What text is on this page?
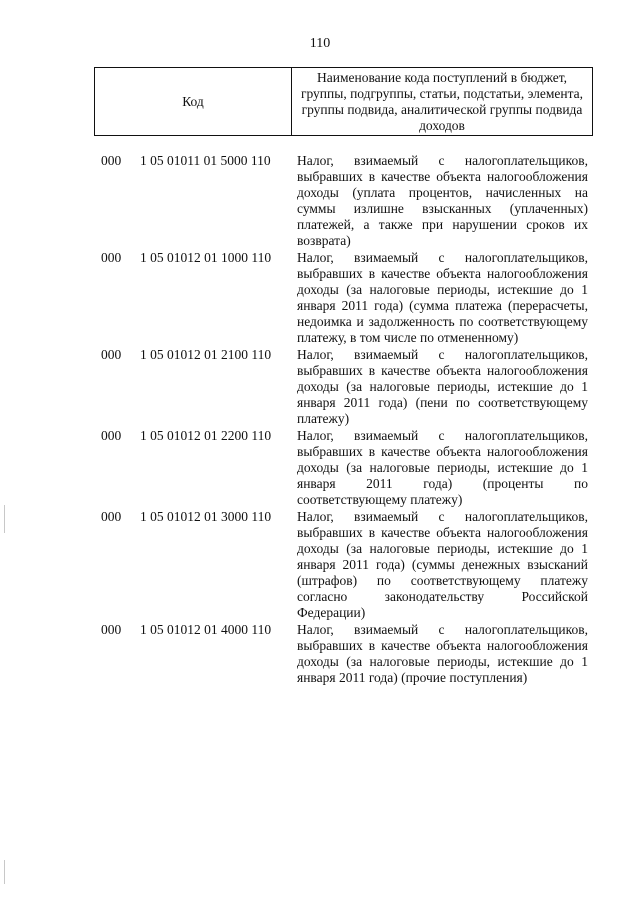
110
Код
Наименование кода поступлений в бюджет, группы, подгруппы, статьи, подстатьи, элемента, группы подвида, аналитической группы подвида доходов
000 1 05 01011 01 5000 110 Налог, взимаемый с налогоплательщиков, выбравших в качестве объекта налогообложения доходы (уплата процентов, начисленных на суммы излишне взысканных (уплаченных) платежей, а также при нарушении сроков их возврата)
000 1 05 01012 01 1000 110 Налог, взимаемый с налогоплательщиков, выбравших в качестве объекта налогообложения доходы (за налоговые периоды, истекшие до 1 января 2011 года) (сумма платежа (перерасчеты, недоимка и задолженность по соответствующему платежу, в том числе по отмененному)
000 1 05 01012 01 2100 110 Налог, взимаемый с налогоплательщиков, выбравших в качестве объекта налогообложения доходы (за налоговые периоды, истекшие до 1 января 2011 года) (пени по соответствующему платежу)
000 1 05 01012 01 2200 110 Налог, взимаемый с налогоплательщиков, выбравших в качестве объекта налогообложения доходы (за налоговые периоды, истекшие до 1 января 2011 года) (проценты по соответствующему платежу)
000 1 05 01012 01 3000 110 Налог, взимаемый с налогоплательщиков, выбравших в качестве объекта налогообложения доходы (за налоговые периоды, истекшие до 1 января 2011 года) (суммы денежных взысканий (штрафов) по соответствующему платежу согласно законодательству Российской Федерации)
000 1 05 01012 01 4000 110 Налог, взимаемый с налогоплательщиков, выбравших в качестве объекта налогообложения доходы (за налоговые периоды, истекшие до 1 января 2011 года) (прочие поступления)
